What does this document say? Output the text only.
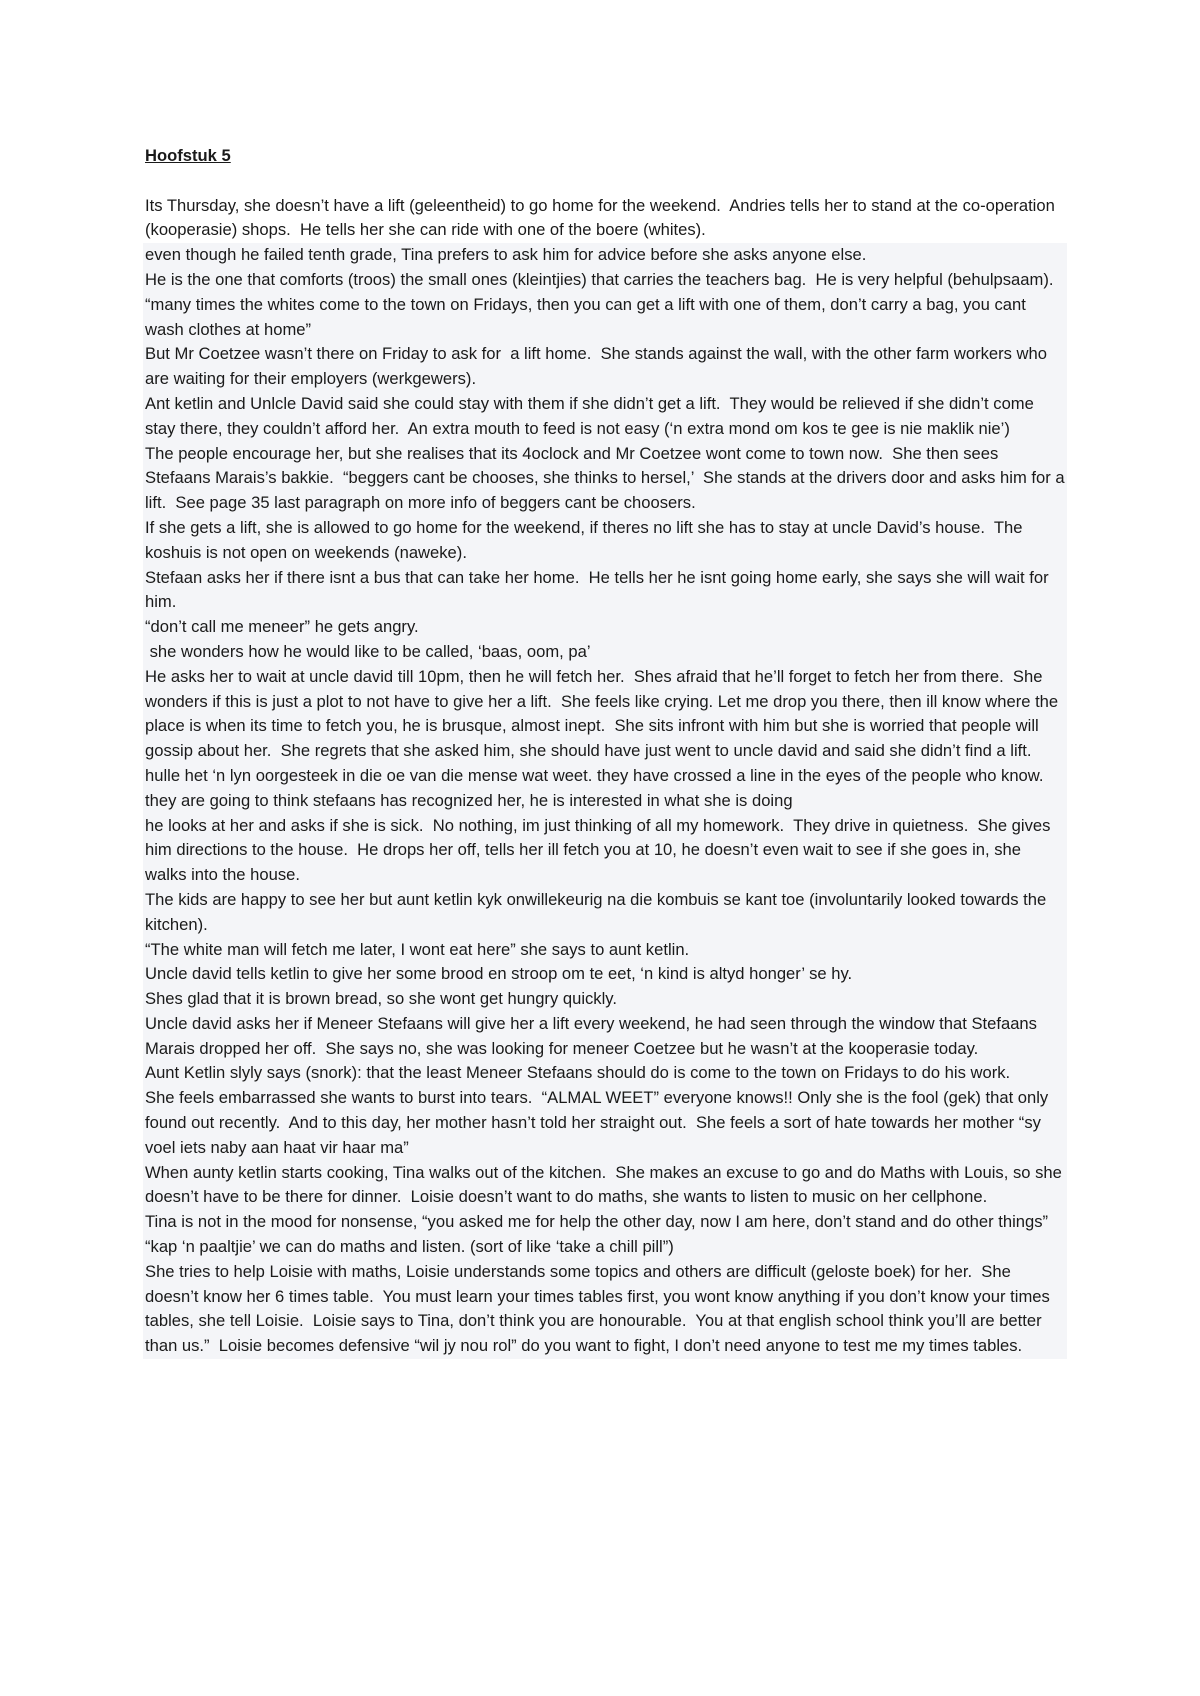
Hoofstuk 5

Its Thursday, she doesn’t have a lift (geleentheid) to go home for the weekend.  Andries tells her to stand at the co-operation (kooperasie) shops.  He tells her she can ride with one of the boere (whites).

even though he failed tenth grade, Tina prefers to ask him for advice before she asks anyone else.

He is the one that comforts (troos) the small ones (kleintjies) that carries the teachers bag.  He is very helpful (behulpsaam).

“many times the whites come to the town on Fridays, then you can get a lift with one of them, don’t carry a bag, you cant wash clothes at home”

But Mr Coetzee wasn’t there on Friday to ask for  a lift home.  She stands against the wall, with the other farm workers who are waiting for their employers (werkgewers).

Ant ketlin and Unlcle David said she could stay with them if she didn’t get a lift.  They would be relieved if she didn’t come stay there, they couldn’t afford her.  An extra mouth to feed is not easy (‘n extra mond om kos te gee is nie maklik nie’)

The people encourage her, but she realises that its 4oclock and Mr Coetzee wont come to town now.  She then sees Stefaans Marais’s bakkie.  “beggers cant be chooses, she thinks to hersel,’  She stands at the drivers door and asks him for a lift.  See page 35 last paragraph on more info of beggers cant be choosers.

If she gets a lift, she is allowed to go home for the weekend, if theres no lift she has to stay at uncle David’s house.  The koshuis is not open on weekends (naweke).

Stefaan asks her if there isnt a bus that can take her home.  He tells her he isnt going home early, she says she will wait for him.

“don’t call me meneer” he gets angry.

she wonders how he would like to be called, ‘baas, oom, pa’

He asks her to wait at uncle david till 10pm, then he will fetch her.  Shes afraid that he’ll forget to fetch her from there.  She wonders if this is just a plot to not have to give her a lift.  She feels like crying. Let me drop you there, then ill know where the place is when its time to fetch you, he is brusque, almost inept.  She sits infront with him but she is worried that people will gossip about her.  She regrets that she asked him, she should have just went to uncle david and said she didn’t find a lift.

hulle het ‘n lyn oorgesteek in die oe van die mense wat weet. they have crossed a line in the eyes of the people who know. they are going to think stefaans has recognized her, he is interested in what she is doing

he looks at her and asks if she is sick.  No nothing, im just thinking of all my homework.  They drive in quietness.  She gives him directions to the house.  He drops her off, tells her ill fetch you at 10, he doesn’t even wait to see if she goes in, she walks into the house.

The kids are happy to see her but aunt ketlin kyk onwillekeurig na die kombuis se kant toe (involuntarily looked towards the kitchen).

“The white man will fetch me later, I wont eat here” she says to aunt ketlin.

Uncle david tells ketlin to give her some brood en stroop om te eet, ‘n kind is altyd honger’ se hy.

Shes glad that it is brown bread, so she wont get hungry quickly.

Uncle david asks her if Meneer Stefaans will give her a lift every weekend, he had seen through the window that Stefaans Marais dropped her off.  She says no, she was looking for meneer Coetzee but he wasn’t at the kooperasie today.

Aunt Ketlin slyly says (snork): that the least Meneer Stefaans should do is come to the town on Fridays to do his work.

She feels embarrassed she wants to burst into tears.  “ALMAL WEET” everyone knows!! Only she is the fool (gek) that only found out recently.  And to this day, her mother hasn’t told her straight out.  She feels a sort of hate towards her mother “sy voel iets naby aan haat vir haar ma”

When aunty ketlin starts cooking, Tina walks out of the kitchen.  She makes an excuse to go and do Maths with Louis, so she doesn’t have to be there for dinner.  Loisie doesn’t want to do maths, she wants to listen to music on her cellphone.

Tina is not in the mood for nonsense, “you asked me for help the other day, now I am here, don’t stand and do other things”

“kap ‘n paaltjie’ we can do maths and listen. (sort of like ‘take a chill pill”)

She tries to help Loisie with maths, Loisie understands some topics and others are difficult (geloste boek) for her.  She doesn’t know her 6 times table.  You must learn your times tables first, you wont know anything if you don’t know your times tables, she tell Loisie.  Loisie says to Tina, don’t think you are honourable.  You at that english school think you’ll are better than us.”  Loisie becomes defensive “wil jy nou rol” do you want to fight, I don’t need anyone to test me my times tables.
